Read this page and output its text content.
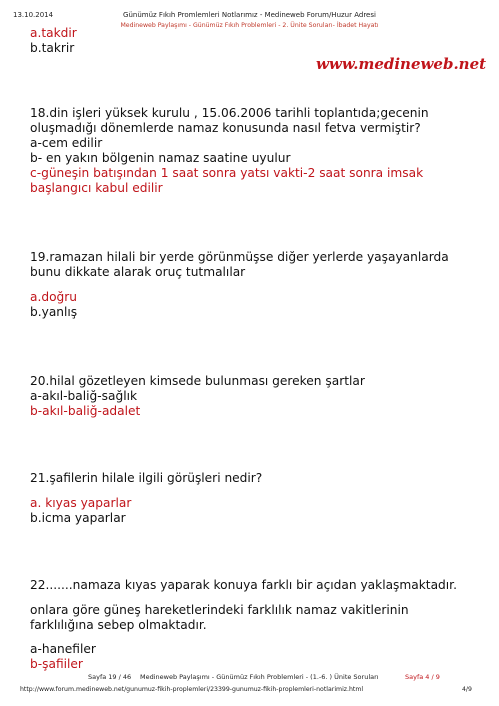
13.10.2014	Günümüz Fıkıh Promlemleri Notlarımız - Medineweb Forum/Huzur Adresi
Medineweb Paylaşımı - Günümüz Fıkıh Problemleri - 2. Ünite Soruları- İbadet Hayatı
www.medineweb.net
a.takdir
b.takrir
18.din işleri yüksek kurulu , 15.06.2006 tarihli toplantıda;gecenin
oluşmadığı dönemlerde namaz konusunda nasıl fetva vermiştir?
a-cem edilir
b- en yakın bölgenin namaz saatine uyulur
c-güneşin batışından 1 saat sonra yatsı vakti-2 saat sonra imsak
başlangıcı kabul edilir
19.ramazan hilali bir yerde görünmüşse diğer yerlerde yaşayanlarda
bunu dikkate alarak oruç tutmalılar
a.doğru
b.yanlış
20.hilal gözetleyen kimsede bulunması gereken şartlar
a-akıl-baliğ-sağlık
b-akıl-baliğ-adalet
21.şafilerin hilale ilgili görüşleri nedir?
a. kıyas yaparlar
b.icma yaparlar
22.......namaza kıyas yaparak konuya farklı bir açıdan yaklaşmaktadır.
onlara göre güneş hareketlerindeki farklılık namaz vakitlerinin
farklılığına sebep olmaktadır.
a-hanefiler
b-şafiiler
Sayfa 19 / 46 Medineweb Paylaşımı - Günümüz Fıkıh Problemleri - (1.-6. ) Ünite Soruları	Sayfa 4 / 9
http://www.forum.medineweb.net/gunumuz-fikih-proplemleri/23399-gunumuz-fikih-proplemleri-notlarimiz.html	4/9
